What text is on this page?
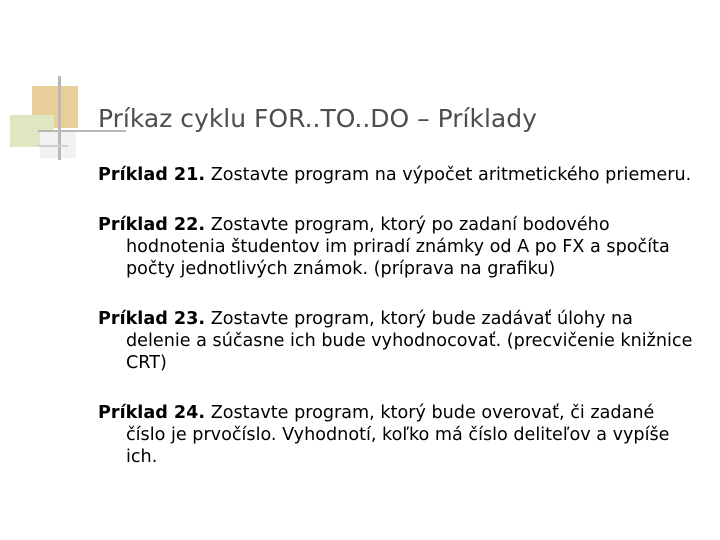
Príkaz cyklu FOR..TO..DO – Príklady

Príklad 21. Zostavte program na výpočet aritmetického priemeru.

Príklad 22. Zostavte program, ktorý po zadaní bodového hodnotenia študentov im priradí známky od A po FX a spočíta počty jednotlivých známok. (príprava na grafiku)

Príklad 23. Zostavte program, ktorý bude zadávať úlohy na delenie a súčasne ich bude vyhodnocovať. (precvičenie knižnice CRT)

Príklad 24. Zostavte program, ktorý bude overovať, či zadané číslo je prvočíslo. Vyhodnotí, koľko má číslo deliteľov a vypíše ich.
